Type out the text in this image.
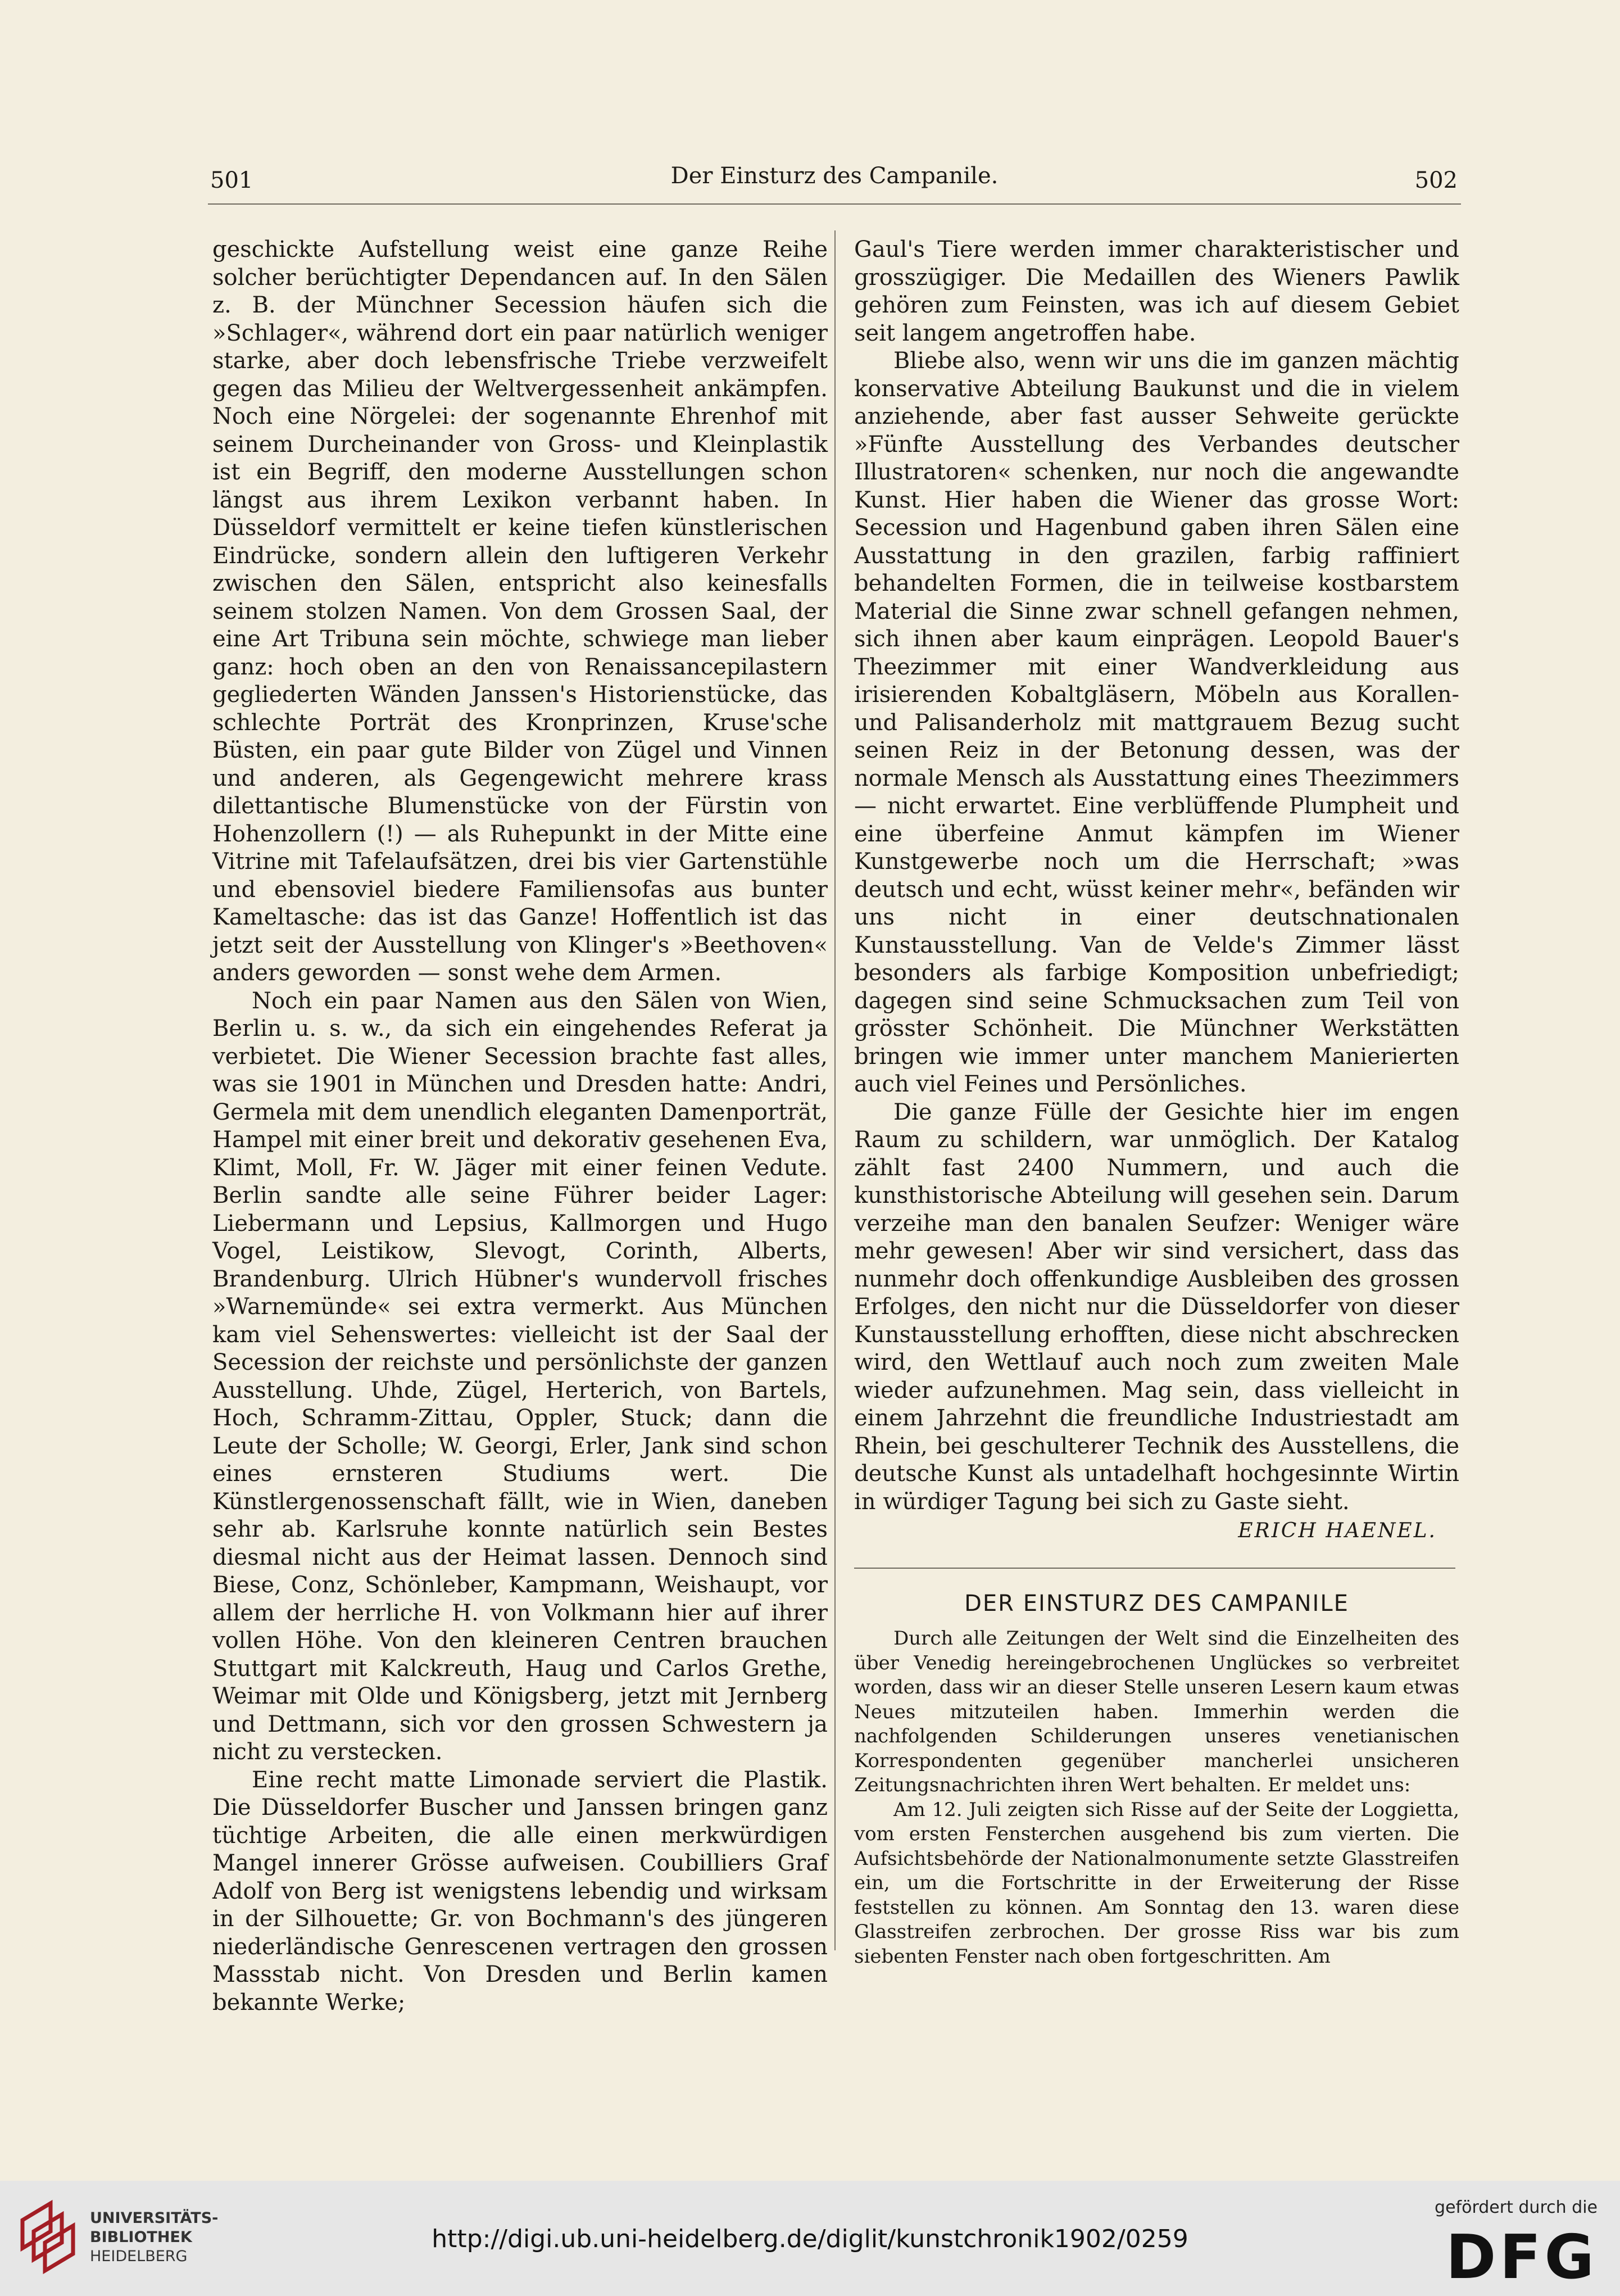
501	Der Einsturz des Campanile.	502

geschickte Aufstellung weist eine ganze Reihe solcher berüchtigter Dependancen auf. In den Sälen z. B. der Münchner Secession häufen sich die »Schlager«, während dort ein paar natürlich weniger starke, aber doch lebensfrische Triebe verzweifelt gegen das Milieu der Weltvergessenheit ankämpfen. Noch eine Nörgelei: der sogenannte Ehrenhof mit seinem Durcheinander von Gross- und Kleinplastik ist ein Begriff, den moderne Ausstellungen schon längst aus ihrem Lexikon verbannt haben. In Düsseldorf vermittelt er keine tiefen künstlerischen Eindrücke, sondern allein den luftigeren Verkehr zwischen den Sälen, entspricht also keinesfalls seinem stolzen Namen. Von dem Grossen Saal, der eine Art Tribuna sein möchte, schwiege man lieber ganz: hoch oben an den von Renaissancepilastern gegliederten Wänden Janssen's Historienstücke, das schlechte Porträt des Kronprinzen, Kruse'sche Büsten, ein paar gute Bilder von Zügel und Vinnen und anderen, als Gegengewicht mehrere krass dilettantische Blumenstücke von der Fürstin von Hohenzollern (!) — als Ruhepunkt in der Mitte eine Vitrine mit Tafelaufsätzen, drei bis vier Gartenstühle und ebensoviel biedere Familiensofas aus bunter Kameltasche: das ist das Ganze! Hoffentlich ist das jetzt seit der Ausstellung von Klinger's »Beethoven« anders geworden — sonst wehe dem Armen.

Noch ein paar Namen aus den Sälen von Wien, Berlin u. s. w., da sich ein eingehendes Referat ja verbietet. Die Wiener Secession brachte fast alles, was sie 1901 in München und Dresden hatte: Andri, Germela mit dem unendlich eleganten Damenporträt, Hampel mit einer breit und dekorativ gesehenen Eva, Klimt, Moll, Fr. W. Jäger mit einer feinen Vedute. Berlin sandte alle seine Führer beider Lager: Liebermann und Lepsius, Kallmorgen und Hugo Vogel, Leistikow, Slevogt, Corinth, Alberts, Brandenburg. Ulrich Hübner's wundervoll frisches »Warnemünde« sei extra vermerkt. Aus München kam viel Sehenswertes: vielleicht ist der Saal der Secession der reichste und persönlichste der ganzen Ausstellung. Uhde, Zügel, Herterich, von Bartels, Hoch, Schramm-Zittau, Oppler, Stuck; dann die Leute der Scholle; W. Georgi, Erler, Jank sind schon eines ernsteren Studiums wert. Die Künstlergenossenschaft fällt, wie in Wien, daneben sehr ab. Karlsruhe konnte natürlich sein Bestes diesmal nicht aus der Heimat lassen. Dennoch sind Biese, Conz, Schönleber, Kampmann, Weishaupt, vor allem der herrliche H. von Volkmann hier auf ihrer vollen Höhe. Von den kleineren Centren brauchen Stuttgart mit Kalckreuth, Haug und Carlos Grethe, Weimar mit Olde und Königsberg, jetzt mit Jernberg und Dettmann, sich vor den grossen Schwestern ja nicht zu verstecken.

Eine recht matte Limonade serviert die Plastik. Die Düsseldorfer Buscher und Janssen bringen ganz tüchtige Arbeiten, die alle einen merkwürdigen Mangel innerer Grösse aufweisen. Coubilliers Graf Adolf von Berg ist wenigstens lebendig und wirksam in der Silhouette; Gr. von Bochmann's des jüngeren niederländische Genrescenen vertragen den grossen Massstab nicht. Von Dresden und Berlin kamen bekannte Werke;

Gaul's Tiere werden immer charakteristischer und grosszügiger. Die Medaillen des Wieners Pawlik gehören zum Feinsten, was ich auf diesem Gebiet seit langem angetroffen habe.

Bliebe also, wenn wir uns die im ganzen mächtig konservative Abteilung Baukunst und die in vielem anziehende, aber fast ausser Sehweite gerückte »Fünfte Ausstellung des Verbandes deutscher Illustratoren« schenken, nur noch die angewandte Kunst. Hier haben die Wiener das grosse Wort: Secession und Hagenbund gaben ihren Sälen eine Ausstattung in den grazilen, farbig raffiniert behandelten Formen, die in teilweise kostbarstem Material die Sinne zwar schnell gefangen nehmen, sich ihnen aber kaum einprägen. Leopold Bauer's Theezimmer mit einer Wandverkleidung aus irisierenden Kobaltgläsern, Möbeln aus Korallen- und Palisanderholz mit mattgrauem Bezug sucht seinen Reiz in der Betonung dessen, was der normale Mensch als Ausstattung eines Theezimmers — nicht erwartet. Eine verblüffende Plumpheit und eine überfeine Anmut kämpfen im Wiener Kunstgewerbe noch um die Herrschaft; »was deutsch und echt, wüsst keiner mehr«, befänden wir uns nicht in einer deutschnationalen Kunstausstellung. Van de Velde's Zimmer lässt besonders als farbige Komposition unbefriedigt; dagegen sind seine Schmucksachen zum Teil von grösster Schönheit. Die Münchner Werkstätten bringen wie immer unter manchem Manierierten auch viel Feines und Persönliches.

Die ganze Fülle der Gesichte hier im engen Raum zu schildern, war unmöglich. Der Katalog zählt fast 2400 Nummern, und auch die kunsthistorische Abteilung will gesehen sein. Darum verzeihe man den banalen Seufzer: Weniger wäre mehr gewesen! Aber wir sind versichert, dass das nunmehr doch offenkundige Ausbleiben des grossen Erfolges, den nicht nur die Düsseldorfer von dieser Kunstausstellung erhofften, diese nicht abschrecken wird, den Wettlauf auch noch zum zweiten Male wieder aufzunehmen. Mag sein, dass vielleicht in einem Jahrzehnt die freundliche Industriestadt am Rhein, bei geschulterer Technik des Ausstellens, die deutsche Kunst als untadelhaft hochgesinnte Wirtin in würdiger Tagung bei sich zu Gaste sieht.

ERICH HAENEL.
DER EINSTURZ DES CAMPANILE

Durch alle Zeitungen der Welt sind die Einzelheiten des über Venedig hereingebrochenen Unglückes so verbreitet worden, dass wir an dieser Stelle unseren Lesern kaum etwas Neues mitzuteilen haben. Immerhin werden die nachfolgenden Schilderungen unseres venetianischen Korrespondenten gegenüber mancherlei unsicheren Zeitungsnachrichten ihren Wert behalten. Er meldet uns:

Am 12. Juli zeigten sich Risse auf der Seite der Loggietta, vom ersten Fensterchen ausgehend bis zum vierten. Die Aufsichtsbehörde der Nationalmonumente setzte Glasstreifen ein, um die Fortschritte in der Erweiterung der Risse feststellen zu können. Am Sonntag den 13. waren diese Glasstreifen zerbrochen. Der grosse Riss war bis zum siebenten Fenster nach oben fortgeschritten. Am

UNIVERSITÄTS-
BIBLIOTHEK
HEIDELBERG
http://digi.ub.uni-heidelberg.de/diglit/kunstchronik1902/0259
gefördert durch die
DFG
